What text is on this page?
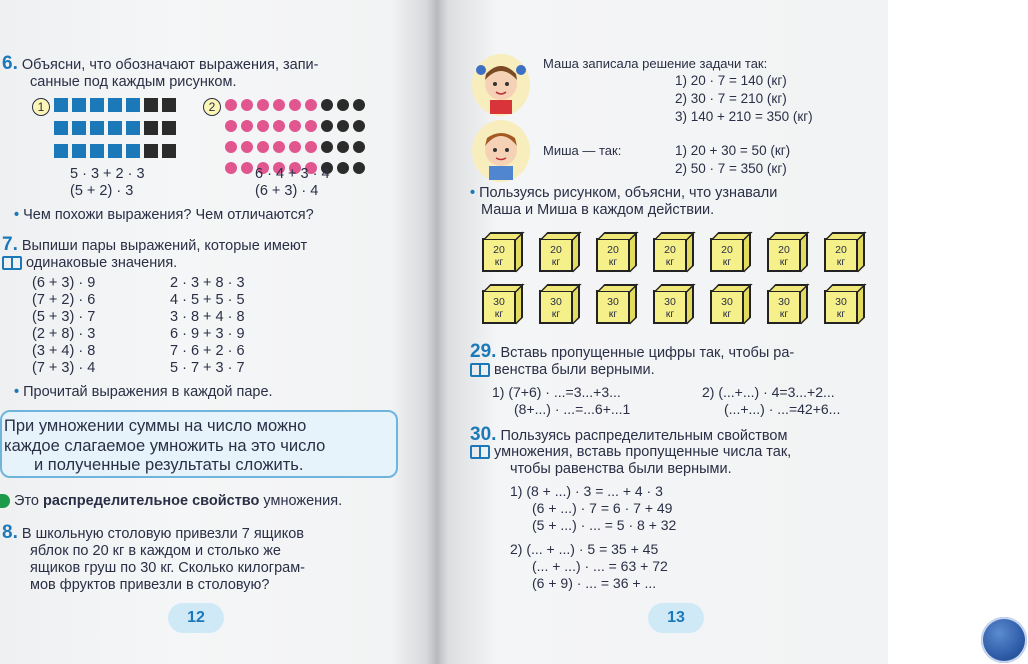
6. Объясни, что обозначают выражения, запи-
санные под каждым рисунком.
1	2
5 · 3 + 2 · 3
(5 + 2) · 3
6 · 4 + 3 · 4
(6 + 3) · 4
• Чем похожи выражения? Чем отличаются?
7. Выпиши пары выражений, которые имеют
одинаковые значения.
(6 + 3) · 9
(7 + 2) · 6
(5 + 3) · 7
(2 + 8) · 3
(3 + 4) · 8
(7 + 3) · 4
2 · 3 + 8 · 3
4 · 5 + 5 · 5
3 · 8 + 4 · 8
6 · 9 + 3 · 9
7 · 6 + 2 · 6
5 · 7 + 3 · 7
• Прочитай выражения в каждой паре.
При умножении суммы на число можно
каждое слагаемое умножить на это число
и полученные результаты сложить.
Это распределительное свойство умножения.
8. В школьную столовую привезли 7 ящиков
яблок по 20 кг в каждом и столько же
ящиков груш по 30 кг. Сколько килограм-
мов фруктов привезли в столовую?
12
Маша записала решение задачи так:
1) 20 · 7 = 140 (кг)
2) 30 · 7 = 210 (кг)
3) 140 + 210 = 350 (кг)
Миша — так:	1) 20 + 30 = 50 (кг)
2) 50 · 7 = 350 (кг)
• Пользуясь рисунком, объясни, что узнавали
Маша и Миша в каждом действии.
20
кг
20
кг
20
кг
20
кг
20
кг
20
кг
20
кг
30
кг
30
кг
30
кг
30
кг
30
кг
30
кг
30
кг
29. Вставь пропущенные цифры так, чтобы ра-
венства были верными.
1) (7+6) · ...=3...+3...
(8+...) · ...=...6+...1
2) (...+...) · 4=3...+2...
(...+...) · ...=42+6...
30. Пользуясь распределительным свойством
умножения, вставь пропущенные числа так,
чтобы равенства были верными.
1) (8 + ...) · 3 = ... + 4 · 3
(6 + ...) · 7 = 6 · 7 + 49
(5 + ...) · ... = 5 · 8 + 32
2) (... + ...) · 5 = 35 + 45
(... + ...) · ... = 63 + 72
(6 + 9) · ... = 36 + ...
13
